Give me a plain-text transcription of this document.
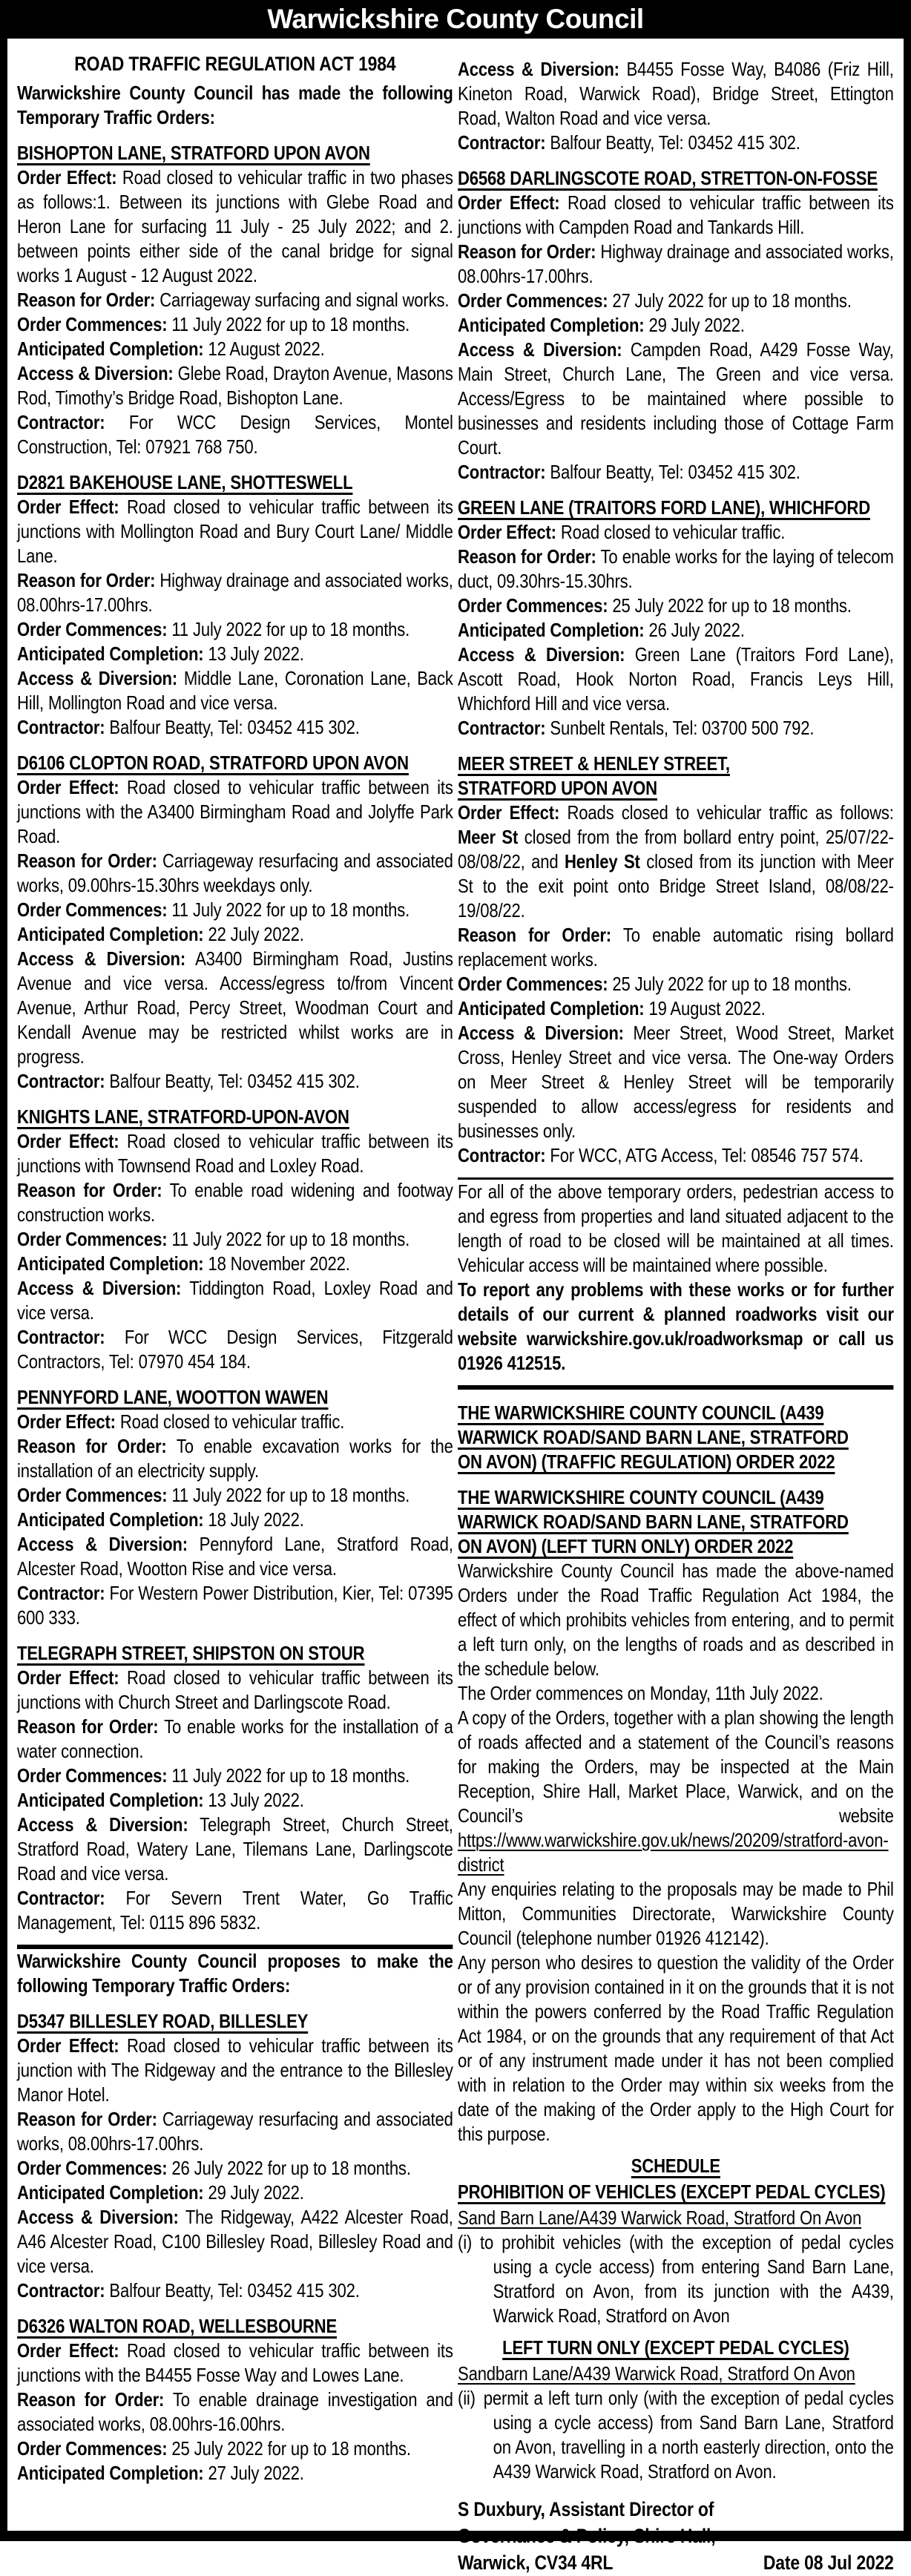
Warwickshire County Council
ROAD TRAFFIC REGULATION ACT 1984

Warwickshire County Council has made the following Temporary Traffic Orders:

BISHOPTON LANE, STRATFORD UPON AVON

Order Effect: Road closed to vehicular traffic in two phases as follows:1. Between its junctions with Glebe Road and Heron Lane for surfacing 11 July - 25 July 2022; and 2. between points either side of the canal bridge for signal works 1 August - 12 August 2022.

Reason for Order: Carriageway surfacing and signal works.

Order Commences: 11 July 2022 for up to 18 months.

Anticipated Completion: 12 August 2022.

Access & Diversion: Glebe Road, Drayton Avenue, Masons Rod, Timothy’s Bridge Road, Bishopton Lane.

Contractor: For WCC Design Services, Montel Construction, Tel: 07921 768 750.

D2821 BAKEHOUSE LANE, SHOTTESWELL

Order Effect: Road closed to vehicular traffic between its junctions with Mollington Road and Bury Court Lane/ Middle Lane.

Reason for Order: Highway drainage and associated works, 08.00hrs-17.00hrs.

Order Commences: 11 July 2022 for up to 18 months.

Anticipated Completion: 13 July 2022.

Access & Diversion: Middle Lane, Coronation Lane, Back Hill, Mollington Road and vice versa.

Contractor: Balfour Beatty, Tel: 03452 415 302.

D6106 CLOPTON ROAD, STRATFORD UPON AVON

Order Effect: Road closed to vehicular traffic between its junctions with the A3400 Birmingham Road and Jolyffe Park Road.

Reason for Order: Carriageway resurfacing and associated works, 09.00hrs-15.30hrs weekdays only.

Order Commences: 11 July 2022 for up to 18 months.

Anticipated Completion: 22 July 2022.

Access & Diversion: A3400 Birmingham Road, Justins Avenue and vice versa. Access/egress to/from Vincent Avenue, Arthur Road, Percy Street, Woodman Court and Kendall Avenue may be restricted whilst works are in progress.

Contractor: Balfour Beatty, Tel: 03452 415 302.

KNIGHTS LANE, STRATFORD-UPON-AVON

Order Effect: Road closed to vehicular traffic between its junctions with Townsend Road and Loxley Road.

Reason for Order: To enable road widening and footway construction works.

Order Commences: 11 July 2022 for up to 18 months.

Anticipated Completion: 18 November 2022.

Access & Diversion: Tiddington Road, Loxley Road and vice versa.

Contractor: For WCC Design Services, Fitzgerald Contractors, Tel: 07970 454 184.

PENNYFORD LANE, WOOTTON WAWEN

Order Effect: Road closed to vehicular traffic.

Reason for Order: To enable excavation works for the installation of an electricity supply.

Order Commences: 11 July 2022 for up to 18 months.

Anticipated Completion: 18 July 2022.

Access & Diversion: Pennyford Lane, Stratford Road, Alcester Road, Wootton Rise and vice versa.

Contractor: For Western Power Distribution, Kier, Tel: 07395 600 333.

TELEGRAPH STREET, SHIPSTON ON STOUR

Order Effect: Road closed to vehicular traffic between its junctions with Church Street and Darlingscote Road.

Reason for Order: To enable works for the installation of a water connection.

Order Commences: 11 July 2022 for up to 18 months.

Anticipated Completion: 13 July 2022.

Access & Diversion: Telegraph Street, Church Street, Stratford Road, Watery Lane, Tilemans Lane, Darlingscote Road and vice versa.

Contractor: For Severn Trent Water, Go Traffic Management, Tel: 0115 896 5832.

Warwickshire County Council proposes to make the following Temporary Traffic Orders:

D5347 BILLESLEY ROAD, BILLESLEY

Order Effect: Road closed to vehicular traffic between its junction with The Ridgeway and the entrance to the Billesley Manor Hotel.

Reason for Order: Carriageway resurfacing and associated works, 08.00hrs-17.00hrs.

Order Commences: 26 July 2022 for up to 18 months.

Anticipated Completion: 29 July 2022.

Access & Diversion: The Ridgeway, A422 Alcester Road, A46 Alcester Road, C100 Billesley Road, Billesley Road and vice versa.

Contractor: Balfour Beatty, Tel: 03452 415 302.

D6326 WALTON ROAD, WELLESBOURNE

Order Effect: Road closed to vehicular traffic between its junctions with the B4455 Fosse Way and Lowes Lane.

Reason for Order: To enable drainage investigation and associated works, 08.00hrs-16.00hrs.

Order Commences: 25 July 2022 for up to 18 months.

Anticipated Completion: 27 July 2022.

Access & Diversion: B4455 Fosse Way, B4086 (Friz Hill, Kineton Road, Warwick Road), Bridge Street, Ettington Road, Walton Road and vice versa.

Contractor: Balfour Beatty, Tel: 03452 415 302.

D6568 DARLINGSCOTE ROAD, STRETTON-ON-FOSSE

Order Effect: Road closed to vehicular traffic between its junctions with Campden Road and Tankards Hill.

Reason for Order: Highway drainage and associated works, 08.00hrs-17.00hrs.

Order Commences: 27 July 2022 for up to 18 months.

Anticipated Completion: 29 July 2022.

Access & Diversion: Campden Road, A429 Fosse Way, Main Street, Church Lane, The Green and vice versa. Access/Egress to be maintained where possible to businesses and residents including those of Cottage Farm Court.

Contractor: Balfour Beatty, Tel: 03452 415 302.

GREEN LANE (TRAITORS FORD LANE), WHICHFORD

Order Effect: Road closed to vehicular traffic.

Reason for Order: To enable works for the laying of telecom duct, 09.30hrs-15.30hrs.

Order Commences: 25 July 2022 for up to 18 months.

Anticipated Completion: 26 July 2022.

Access & Diversion: Green Lane (Traitors Ford Lane), Ascott Road, Hook Norton Road, Francis Leys Hill, Whichford Hill and vice versa.

Contractor: Sunbelt Rentals, Tel: 03700 500 792.

MEER STREET & HENLEY STREET,
STRATFORD UPON AVON

Order Effect: Roads closed to vehicular traffic as follows: Meer St closed from the from bollard entry point, 25/07/22-08/08/22, and Henley St closed from its junction with Meer St to the exit point onto Bridge Street Island, 08/08/22-19/08/22.

Reason for Order: To enable automatic rising bollard replacement works.

Order Commences: 25 July 2022 for up to 18 months.

Anticipated Completion: 19 August 2022.

Access & Diversion: Meer Street, Wood Street, Market Cross, Henley Street and vice versa. The One-way Orders on Meer Street & Henley Street will be temporarily suspended to allow access/egress for residents and businesses only.

Contractor: For WCC, ATG Access, Tel: 08546 757 574.

For all of the above temporary orders, pedestrian access to and egress from properties and land situated adjacent to the length of road to be closed will be maintained at all times. Vehicular access will be maintained where possible.

To report any problems with these works or for further details of our current & planned roadworks visit our website warwickshire.gov.uk/roadworksmap or call us 01926 412515.

THE WARWICKSHIRE COUNTY COUNCIL (A439
WARWICK ROAD/SAND BARN LANE, STRATFORD
ON AVON) (TRAFFIC REGULATION) ORDER 2022
THE WARWICKSHIRE COUNTY COUNCIL (A439
WARWICK ROAD/SAND BARN LANE, STRATFORD
ON AVON) (LEFT TURN ONLY) ORDER 2022

Warwickshire County Council has made the above-named Orders under the Road Traffic Regulation Act 1984, the effect of which prohibits vehicles from entering, and to permit a left turn only, on the lengths of roads and as described in the schedule below.

The Order commences on Monday, 11th July 2022.

A copy of the Orders, together with a plan showing the length of roads affected and a statement of the Council’s reasons for making the Orders, may be inspected at the Main Reception, Shire Hall, Market Place, Warwick, and on the Council’s website https://www.warwickshire.gov.uk/news/20209/stratford-avon-district

Any enquiries relating to the proposals may be made to Phil Mitton, Communities Directorate, Warwickshire County Council (telephone number 01926 412142).

Any person who desires to question the validity of the Order or of any provision contained in it on the grounds that it is not within the powers conferred by the Road Traffic Regulation Act 1984, or on the grounds that any requirement of that Act or of any instrument made under it has not been complied with in relation to the Order may within six weeks from the date of the making of the Order apply to the High Court for this purpose.

SCHEDULE
PROHIBITION OF VEHICLES (EXCEPT PEDAL CYCLES)
Sand Barn Lane/A439 Warwick Road, Stratford On Avon

(i)  to prohibit vehicles (with the exception of pedal cycles using a cycle access) from entering Sand Barn Lane, Stratford on Avon, from its junction with the A439, Warwick Road, Stratford on Avon

LEFT TURN ONLY (EXCEPT PEDAL CYCLES)
Sandbarn Lane/A439 Warwick Road, Stratford On Avon

(ii)  permit a left turn only (with the exception of pedal cycles using a cycle access) from Sand Barn Lane, Stratford on Avon, travelling in a north easterly direction, onto the A439 Warwick Road, Stratford on Avon.

S Duxbury, Assistant Director of
Governance & Policy, Shire Hall,
Warwick, CV34 4RL	Date 08 Jul 2022
